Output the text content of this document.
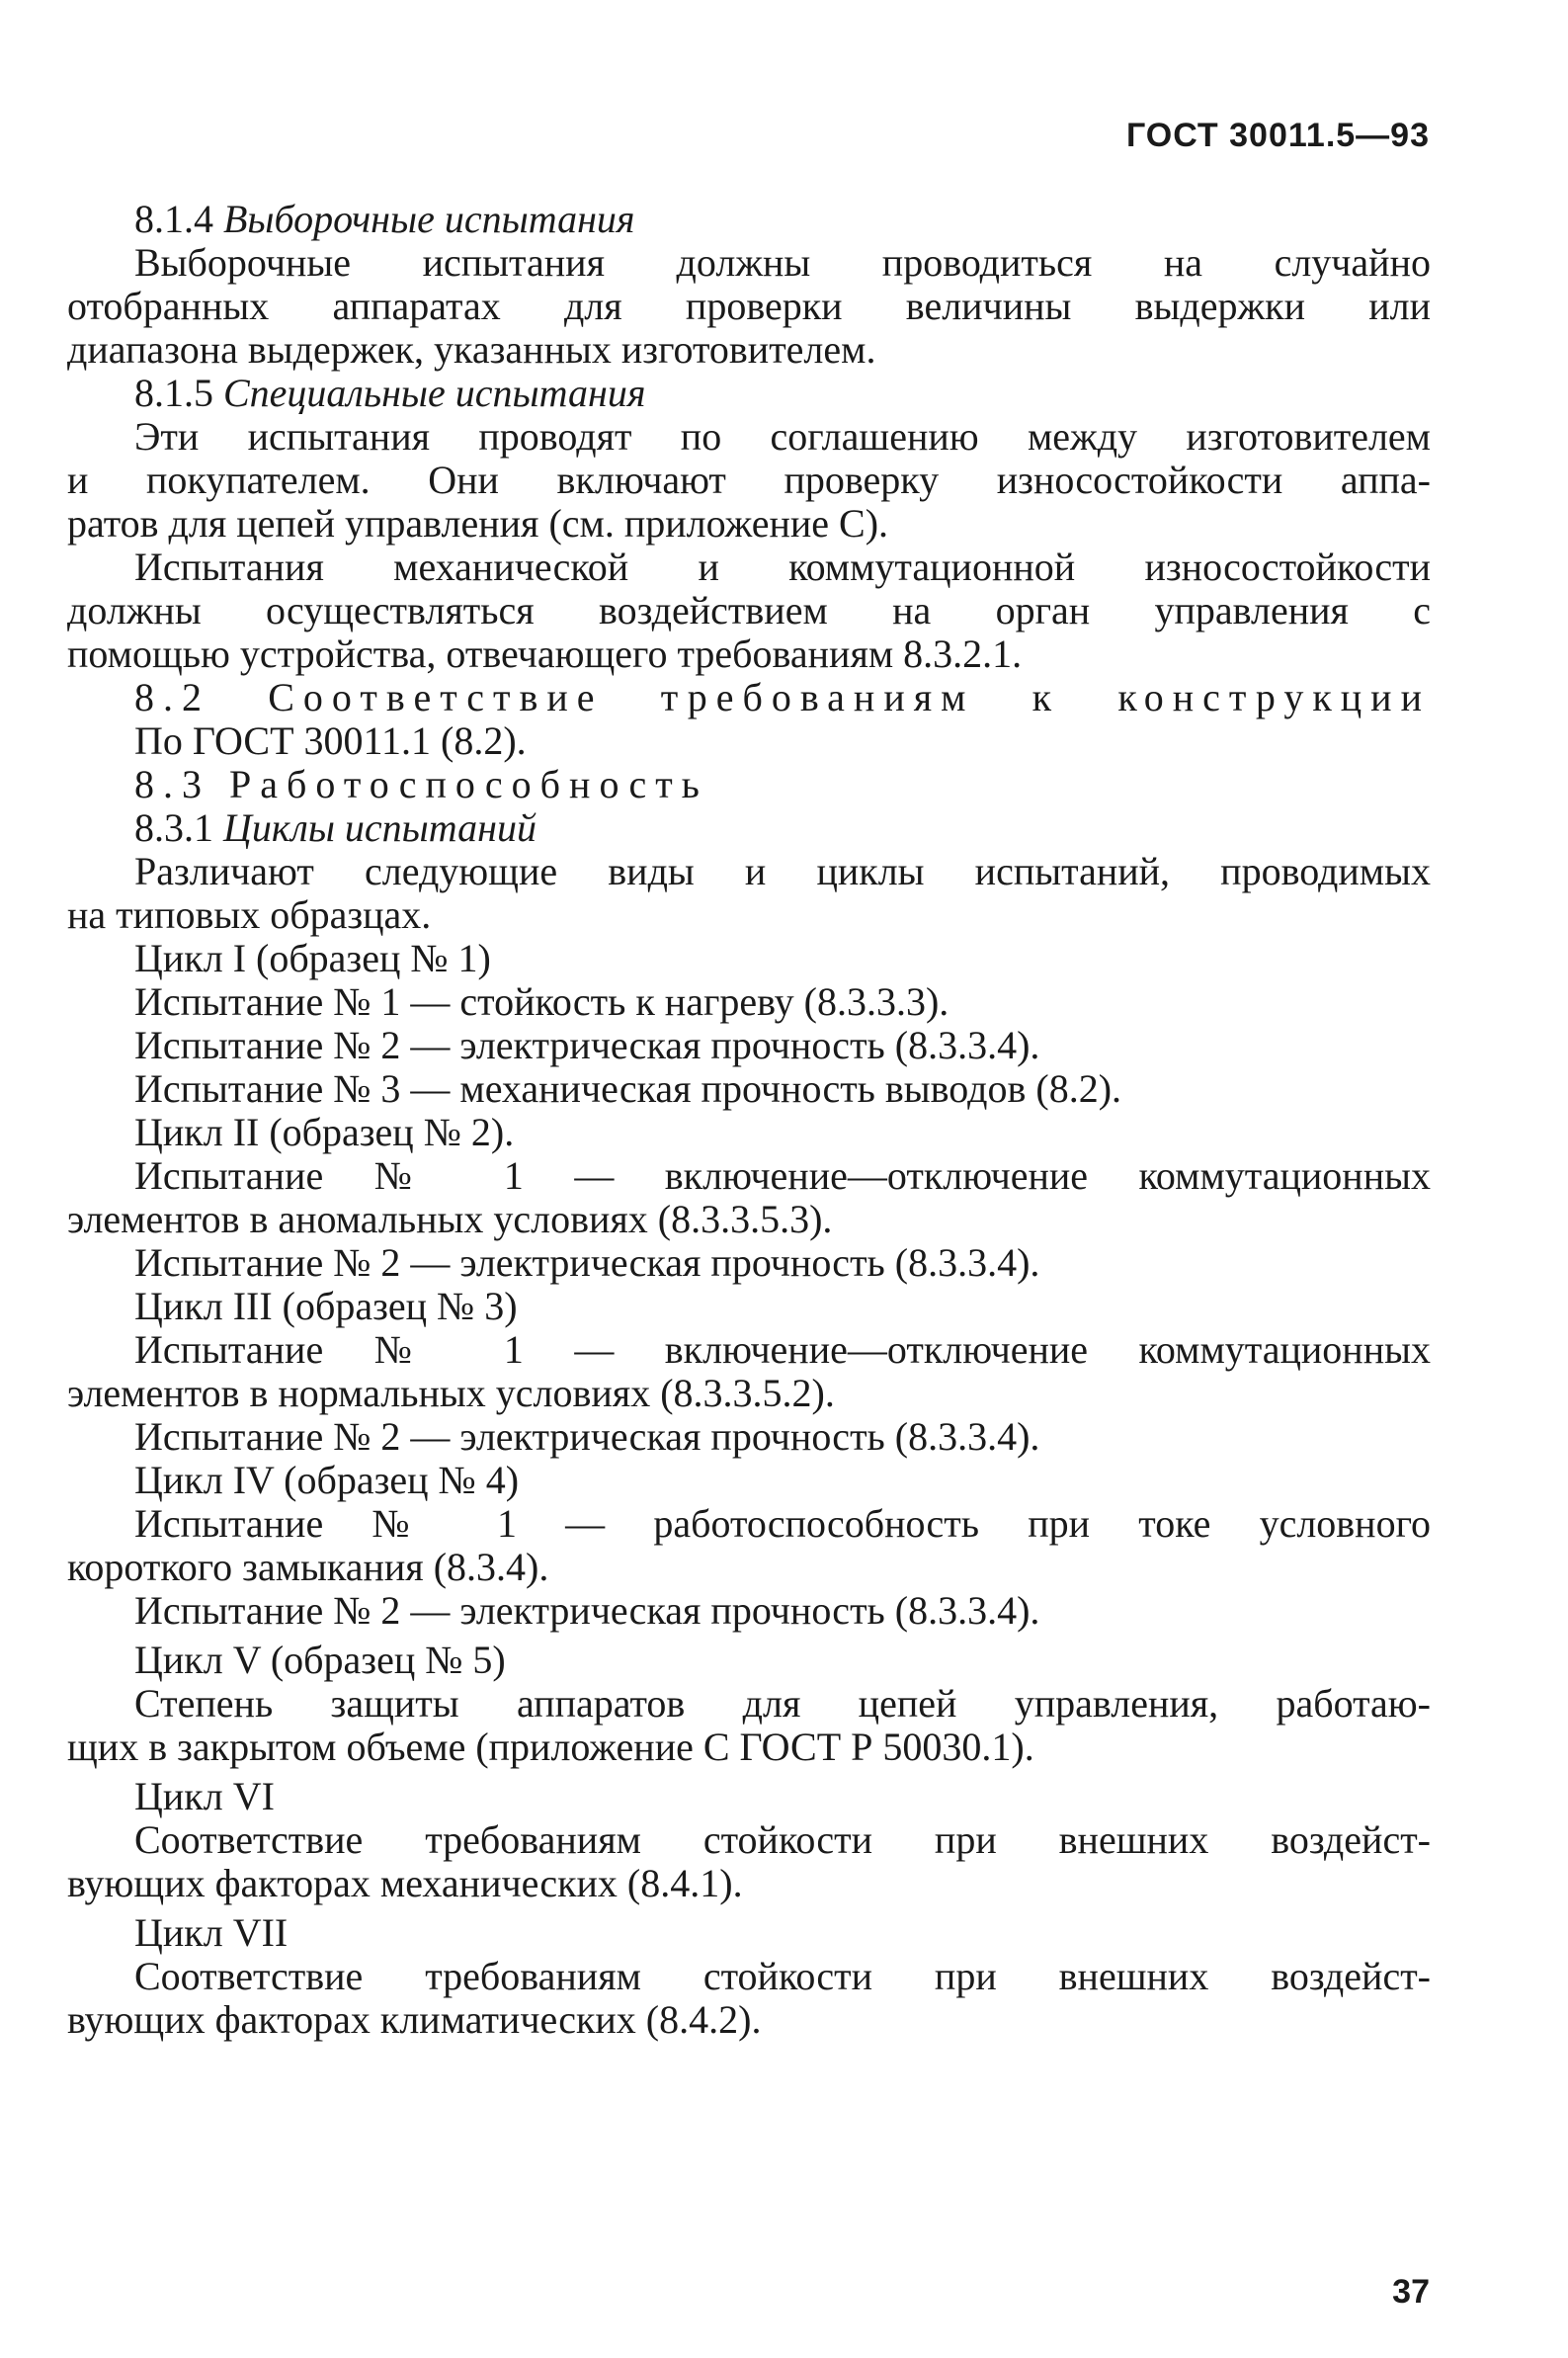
ГОСТ 30011.5—93
8.1.4 Выборочные испытания
Выборочные испытания должны проводиться на случайно
отобранных аппаратах для проверки величины выдержки или
диапазона выдержек, указанных изготовителем.
8.1.5 Специальные испытания
Эти испытания проводят по соглашению между изготовителем
и покупателем. Они включают проверку износостойкости аппа-
ратов для цепей управления (см. приложение С).
Испытания механической и коммутационной износостойкости
должны осуществляться воздействием на орган управления с
помощью устройства, отвечающего требованиям 8.3.2.1.
8.2 Соответствие требованиям к конструкции
По ГОСТ 30011.1 (8.2).
8.3 Работоспособность
8.3.1 Циклы испытаний
Различают следующие виды и циклы испытаний, проводимых
на типовых образцах.
Цикл I (образец № 1)
Испытание № 1 — стойкость к нагреву (8.3.3.3).
Испытание № 2 — электрическая прочность (8.3.3.4).
Испытание № 3 — механическая прочность выводов (8.2).
Цикл II (образец № 2).
Испытание № 1 — включение—отключение коммутационных
элементов в аномальных условиях (8.3.3.5.3).
Испытание № 2 — электрическая прочность (8.3.3.4).
Цикл III (образец № 3)
Испытание № 1 — включение—отключение коммутационных
элементов в нормальных условиях (8.3.3.5.2).
Испытание № 2 — электрическая прочность (8.3.3.4).
Цикл IV (образец № 4)
Испытание № 1 — работоспособность при токе условного
короткого замыкания (8.3.4).
Испытание № 2 — электрическая прочность (8.3.3.4).
Цикл V (образец № 5)
Степень защиты аппаратов для цепей управления, работаю-
щих в закрытом объеме (приложение С ГОСТ Р 50030.1).
Цикл VI
Соответствие требованиям стойкости при внешних воздейст-
вующих факторах механических (8.4.1).
Цикл VII
Соответствие требованиям стойкости при внешних воздейст-
вующих факторах климатических (8.4.2).
37
